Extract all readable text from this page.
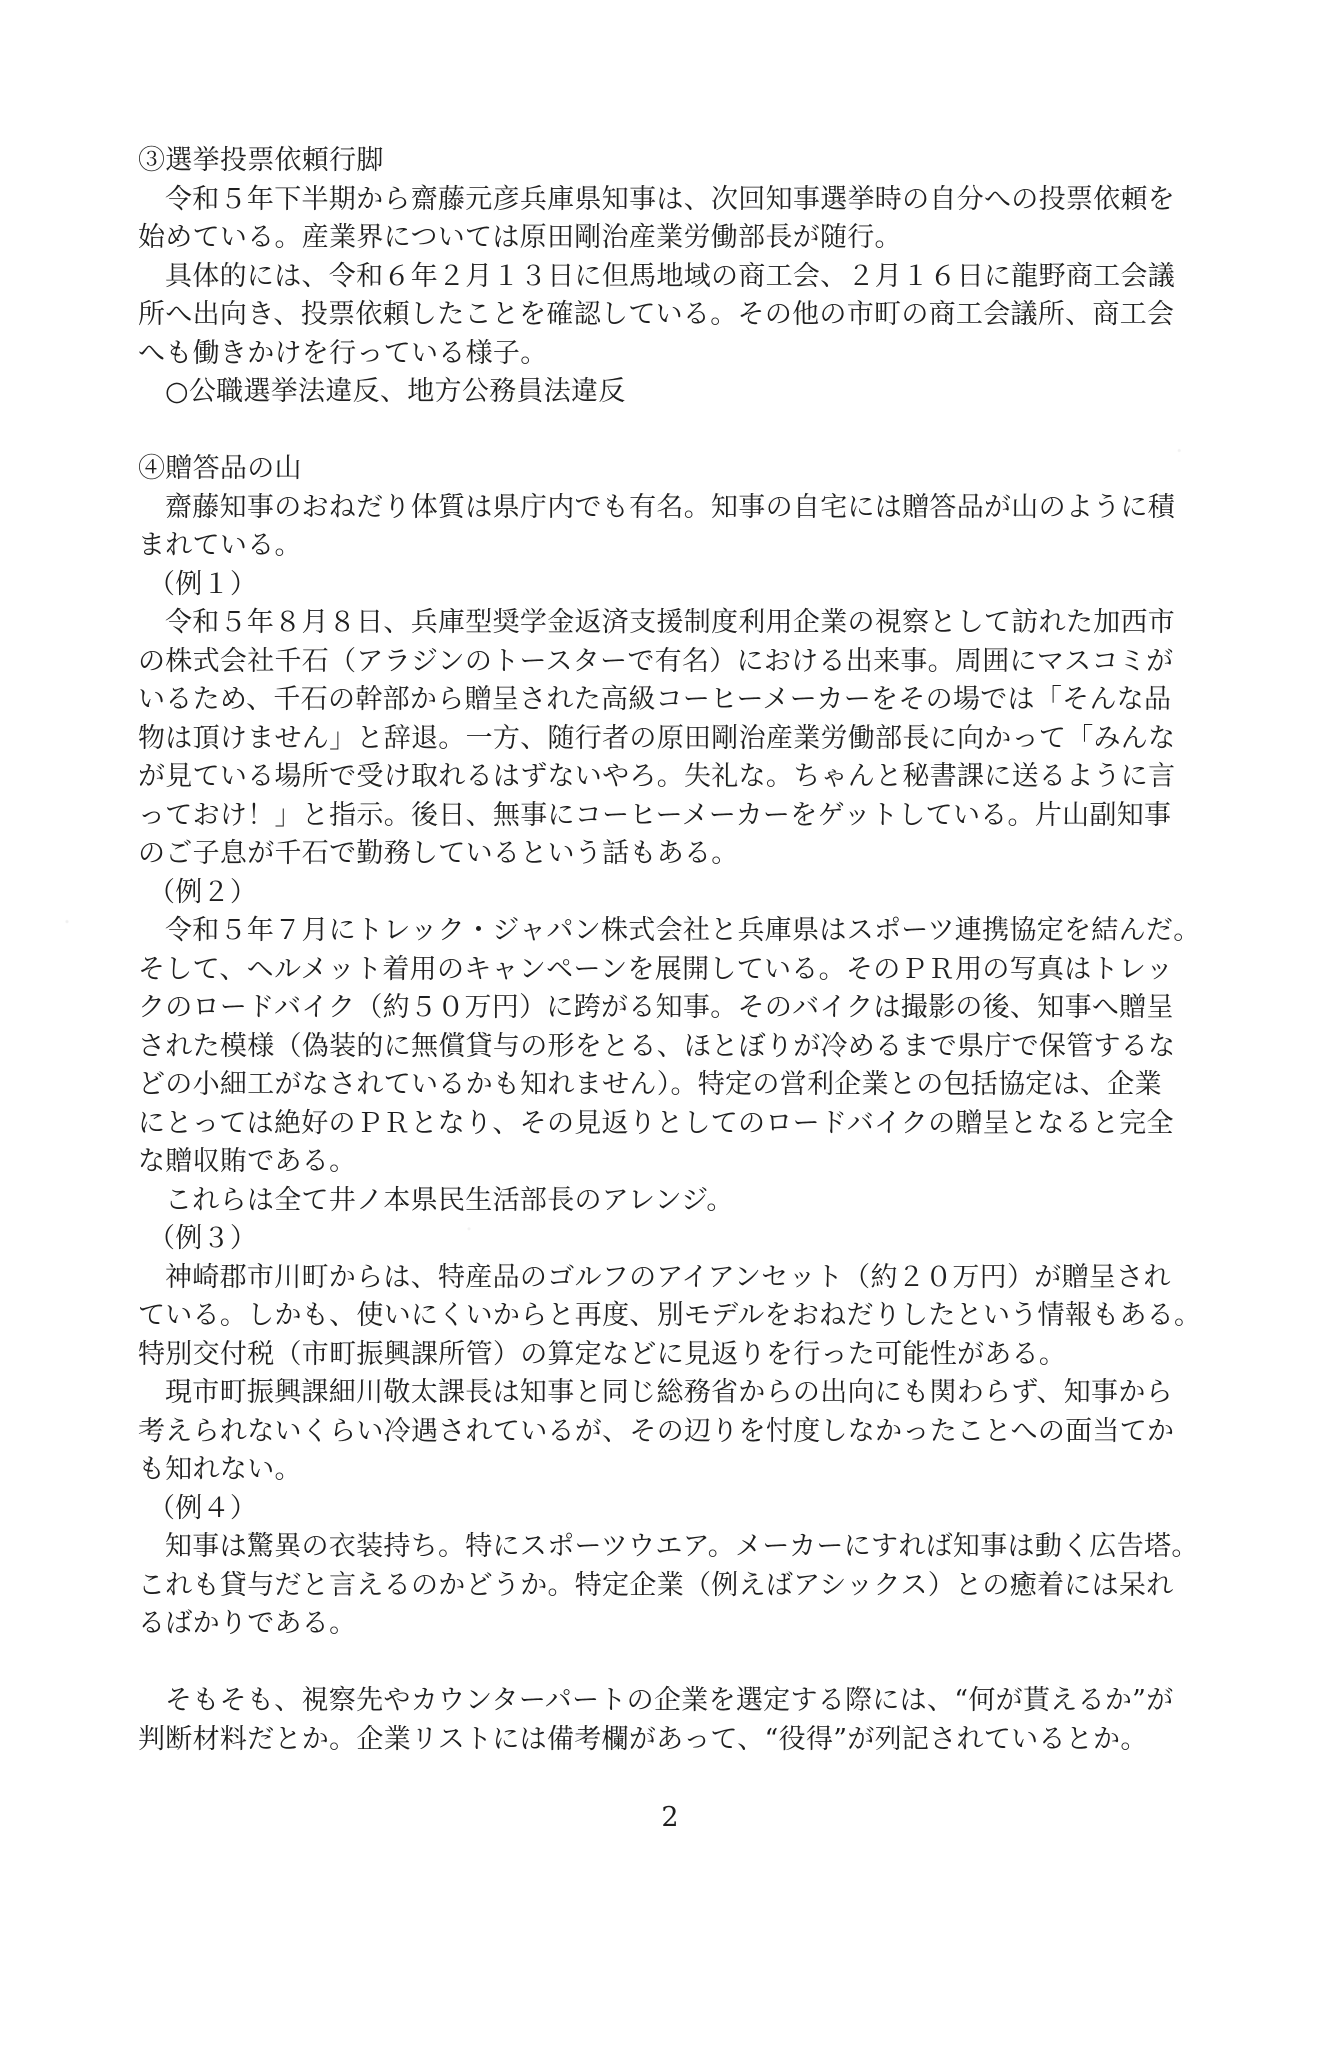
③選挙投票依頼行脚
令和５年下半期から齋藤元彦兵庫県知事は、次回知事選挙時の自分への投票依頼を
始めている。産業界については原田剛治産業労働部長が随行。
具体的には、令和６年２月１３日に但馬地域の商工会、２月１６日に龍野商工会議
所へ出向き、投票依頼したことを確認している。その他の市町の商工会議所、商工会
へも働きかけを行っている様子。
○公職選挙法違反、地方公務員法違反
④贈答品の山
齋藤知事のおねだり体質は県庁内でも有名。知事の自宅には贈答品が山のように積
まれている。
（例１）
令和５年８月８日、兵庫型奨学金返済支援制度利用企業の視察として訪れた加西市
の株式会社千石（アラジンのトースターで有名）における出来事。周囲にマスコミが
いるため、千石の幹部から贈呈された高級コーヒーメーカーをその場では「そんな品
物は頂けません」と辞退。一方、随行者の原田剛治産業労働部長に向かって「みんな
が見ている場所で受け取れるはずないやろ。失礼な。ちゃんと秘書課に送るように言
っておけ！」と指示。後日、無事にコーヒーメーカーをゲットしている。片山副知事
のご子息が千石で勤務しているという話もある。
（例２）
令和５年７月にトレック・ジャパン株式会社と兵庫県はスポーツ連携協定を結んだ。
そして、ヘルメット着用のキャンペーンを展開している。そのＰＲ用の写真はトレッ
クのロードバイク（約５０万円）に跨がる知事。そのバイクは撮影の後、知事へ贈呈
された模様（偽装的に無償貸与の形をとる、ほとぼりが冷めるまで県庁で保管するな
どの小細工がなされているかも知れません）。特定の営利企業との包括協定は、企業
にとっては絶好のＰＲとなり、その見返りとしてのロードバイクの贈呈となると完全
な贈収賄である。
これらは全て井ノ本県民生活部長のアレンジ。
（例３）
神崎郡市川町からは、特産品のゴルフのアイアンセット（約２０万円）が贈呈され
ている。しかも、使いにくいからと再度、別モデルをおねだりしたという情報もある。
特別交付税（市町振興課所管）の算定などに見返りを行った可能性がある。
現市町振興課細川敬太課長は知事と同じ総務省からの出向にも関わらず、知事から
考えられないくらい冷遇されているが、その辺りを忖度しなかったことへの面当てか
も知れない。
（例４）
知事は驚異の衣装持ち。特にスポーツウエア。メーカーにすれば知事は動く広告塔。
これも貸与だと言えるのかどうか。特定企業（例えばアシックス）との癒着には呆れ
るばかりである。
そもそも、視察先やカウンターパートの企業を選定する際には、“何が貰えるか”が
判断材料だとか。企業リストには備考欄があって、“役得”が列記されているとか。
2
